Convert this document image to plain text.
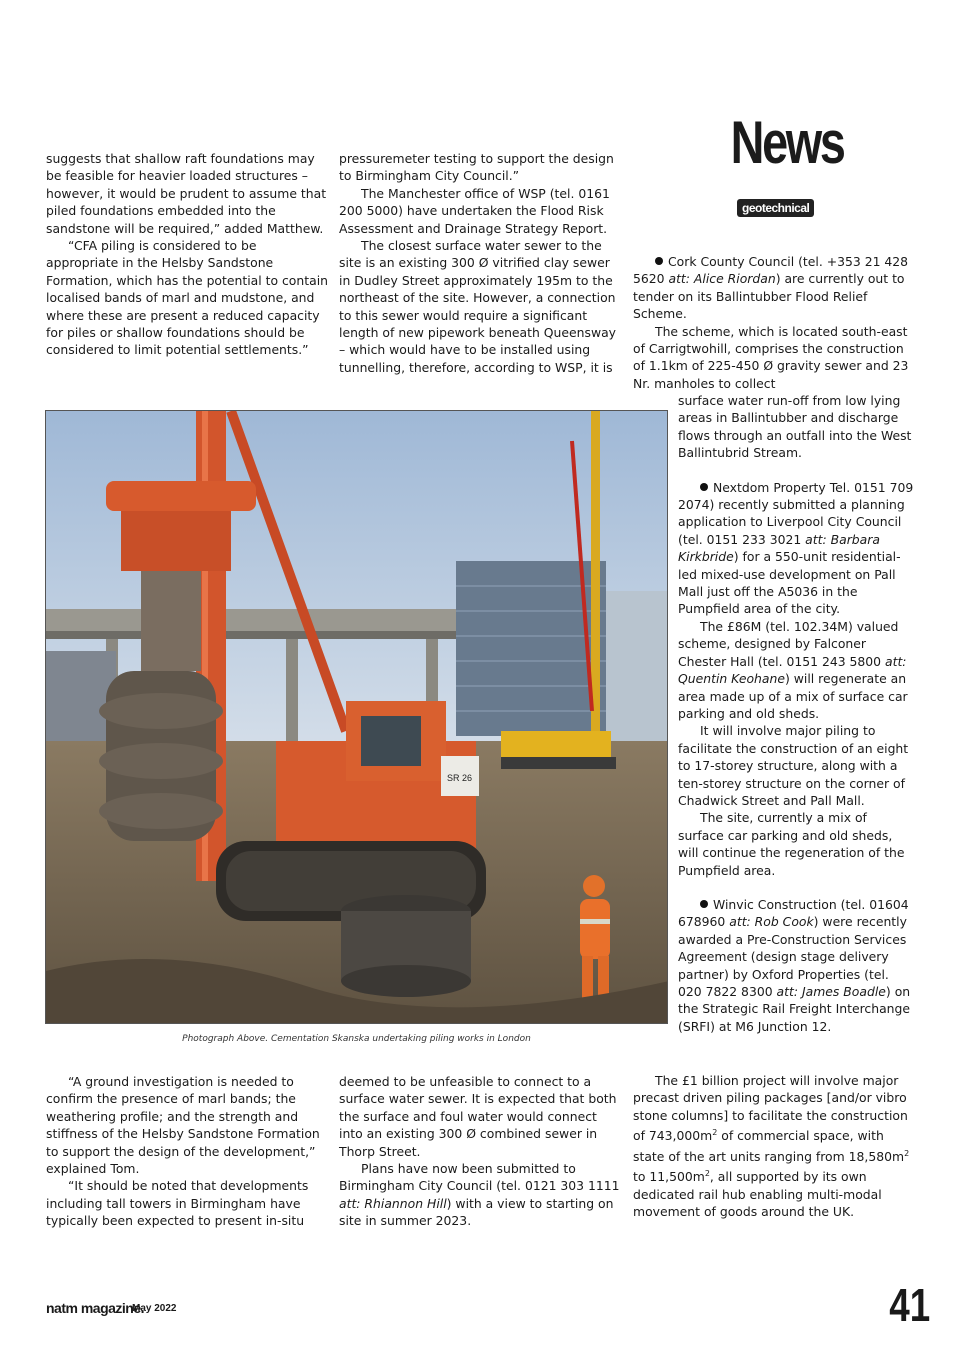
News
geotechnical

suggests that shallow raft foundations may be feasible for heavier loaded structures – however, it would be prudent to assume that piled foundations embedded into the sandstone will be required,” added Matthew.

“CFA piling is considered to be appropriate in the Helsby Sandstone Formation, which has the potential to contain localised bands of marl and mudstone, and where these are present a reduced capacity for piles or shallow foundations should be considered to limit potential settlements.”

pressuremeter testing to support the design to Birmingham City Council.”

The Manchester office of WSP (tel. 0161 200 5000) have undertaken the Flood Risk Assessment and Drainage Strategy Report.

The closest surface water sewer to the site is an existing 300 Ø vitrified clay sewer in Dudley Street approximately 195m to the northeast of the site. However, a connection to this sewer would require a significant length of new pipework beneath Queensway – which would have to be installed using tunnelling, therefore, according to WSP, it is

Cork County Council (tel. +353 21 428 5620 att: Alice Riordan) are currently out to tender on its Ballintubber Flood Relief Scheme.

The scheme, which is located south-east of Carrigtwohill, comprises the construction of 1.1km of 225-450 Ø gravity sewer and 23 Nr. manholes to collect

surface water run-off from low lying areas in Ballintubber and discharge flows through an outfall into the West Ballintubrid Stream.

Nextdom Property Tel. 0151 709 2074) recently submitted a planning application to Liverpool City Council (tel. 0151 233 3021 att: Barbara Kirkbride) for a 550-unit residential-led mixed-use development on Pall Mall just off the A5036 in the Pumpfield area of the city.

The £86M (tel. 102.34M) valued scheme, designed by Falconer Chester Hall (tel. 0151 243 5800 att: Quentin Keohane) will regenerate an area made up of a mix of surface car parking and old sheds.

It will involve major piling to facilitate the construction of an eight to 17-storey structure, along with a ten-storey structure on the corner of Chadwick Street and Pall Mall.

The site, currently a mix of surface car parking and old sheds, will continue the regeneration of the Pumpfield area.

Winvic Construction (tel. 01604 678960 att: Rob Cook) were recently awarded a Pre-Construction Services Agreement (design stage delivery partner) by Oxford Properties (tel. 020 7822 8300 att: James Boadle) on the Strategic Rail Freight Interchange (SRFI) at M6 Junction 12.

The £1 billion project will involve major precast driven piling packages [and/or vibro stone columns] to facilitate the construction of $743,000m^2$ of commercial space, with state of the art units ranging from $18,580m^2$ to $11,500m^2$, all supported by its own dedicated rail hub enabling multi-modal movement of goods around the UK.

SR 26
Photograph Above. Cementation Skanska undertaking piling works in London

“A ground investigation is needed to confirm the presence of marl bands; the weathering profile; and the strength and stiffness of the Helsby Sandstone Formation to support the design of the development,” explained Tom.

“It should be noted that developments including tall towers in Birmingham have typically been expected to present in-situ

deemed to be unfeasible to connect to a surface water sewer. It is expected that both the surface and foul water would connect into an existing 300 Ø combined sewer in Thorp Street.

Plans have now been submitted to Birmingham City Council (tel. 0121 303 1111 att: Rhiannon Hill) with a view to starting on site in summer 2023.

natm magazine.
May 2022	41
